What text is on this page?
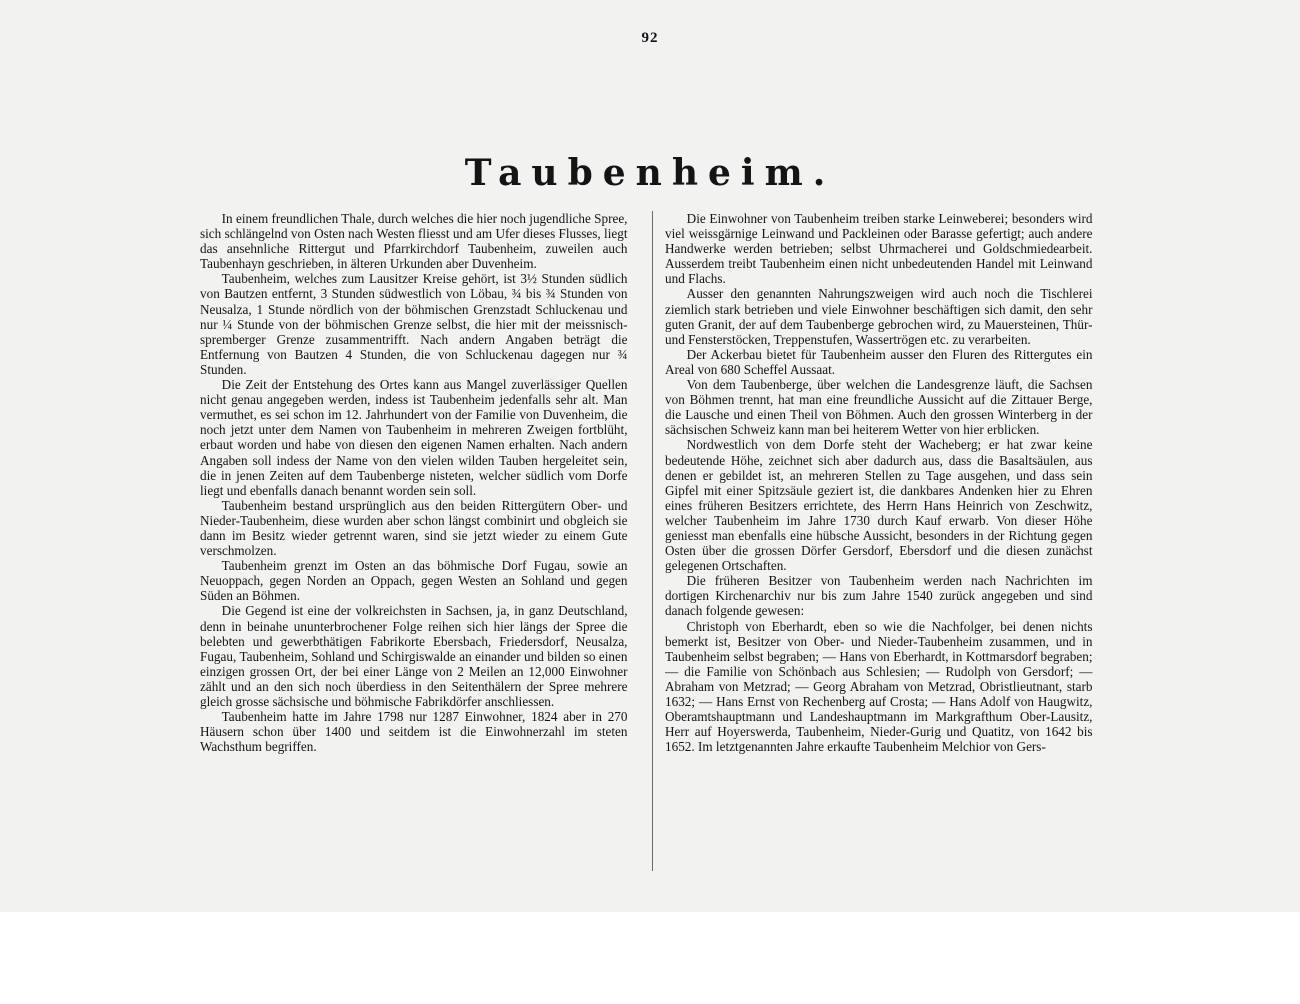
92
Taubenheim.

In einem freundlichen Thale, durch welches die hier noch jugendliche Spree, sich schlängelnd von Osten nach Westen fliesst und am Ufer dieses Flusses, liegt das ansehnliche Rittergut und Pfarrkirchdorf Taubenheim, zuweilen auch Taubenhayn geschrieben, in älteren Urkunden aber Duvenheim.

Taubenheim, welches zum Lausitzer Kreise gehört, ist 3½ Stunden südlich von Bautzen entfernt, 3 Stunden südwestlich von Löbau, ¾ bis ¾ Stunden von Neusalza, 1 Stunde nördlich von der böhmischen Grenzstadt Schluckenau und nur ¼ Stunde von der böhmischen Grenze selbst, die hier mit der meissnisch-spremberger Grenze zusammentrifft. Nach andern Angaben beträgt die Entfernung von Bautzen 4 Stunden, die von Schluckenau dagegen nur ¾ Stunden.

Die Zeit der Entstehung des Ortes kann aus Mangel zuverlässiger Quellen nicht genau angegeben werden, indess ist Taubenheim jedenfalls sehr alt. Man vermuthet, es sei schon im 12. Jahrhundert von der Familie von Duvenheim, die noch jetzt unter dem Namen von Taubenheim in mehreren Zweigen fortblüht, erbaut worden und habe von diesen den eigenen Namen erhalten. Nach andern Angaben soll indess der Name von den vielen wilden Tauben hergeleitet sein, die in jenen Zeiten auf dem Taubenberge nisteten, welcher südlich vom Dorfe liegt und ebenfalls danach benannt worden sein soll.

Taubenheim bestand ursprünglich aus den beiden Rittergütern Ober- und Nieder-Taubenheim, diese wurden aber schon längst combinirt und obgleich sie dann im Besitz wieder getrennt waren, sind sie jetzt wieder zu einem Gute verschmolzen.

Taubenheim grenzt im Osten an das böhmische Dorf Fugau, sowie an Neuoppach, gegen Norden an Oppach, gegen Westen an Sohland und gegen Süden an Böhmen.

Die Gegend ist eine der volkreichsten in Sachsen, ja, in ganz Deutschland, denn in beinahe ununterbrochener Folge reihen sich hier längs der Spree die belebten und gewerbthätigen Fabrikorte Ebersbach, Friedersdorf, Neusalza, Fugau, Taubenheim, Sohland und Schirgiswalde an einander und bilden so einen einzigen grossen Ort, der bei einer Länge von 2 Meilen an 12,000 Einwohner zählt und an den sich noch überdiess in den Seitenthälern der Spree mehrere gleich grosse sächsische und böhmische Fabrikdörfer anschliessen.

Taubenheim hatte im Jahre 1798 nur 1287 Einwohner, 1824 aber in 270 Häusern schon über 1400 und seitdem ist die Einwohnerzahl im steten Wachsthum begriffen.

Die Einwohner von Taubenheim treiben starke Leinweberei; besonders wird viel weissgärnige Leinwand und Packleinen oder Barasse gefertigt; auch andere Handwerke werden betrieben; selbst Uhrmacherei und Goldschmiedearbeit. Ausserdem treibt Taubenheim einen nicht unbedeutenden Handel mit Leinwand und Flachs.

Ausser den genannten Nahrungszweigen wird auch noch die Tischlerei ziemlich stark betrieben und viele Einwohner beschäftigen sich damit, den sehr guten Granit, der auf dem Taubenberge gebrochen wird, zu Mauersteinen, Thür- und Fensterstöcken, Treppenstufen, Wassertrögen etc. zu verarbeiten.

Der Ackerbau bietet für Taubenheim ausser den Fluren des Rittergutes ein Areal von 680 Scheffel Aussaat.

Von dem Taubenberge, über welchen die Landesgrenze läuft, die Sachsen von Böhmen trennt, hat man eine freundliche Aussicht auf die Zittauer Berge, die Lausche und einen Theil von Böhmen. Auch den grossen Winterberg in der sächsischen Schweiz kann man bei heiterem Wetter von hier erblicken.

Nordwestlich von dem Dorfe steht der Wacheberg; er hat zwar keine bedeutende Höhe, zeichnet sich aber dadurch aus, dass die Basaltsäulen, aus denen er gebildet ist, an mehreren Stellen zu Tage ausgehen, und dass sein Gipfel mit einer Spitzsäule geziert ist, die dankbares Andenken hier zu Ehren eines früheren Besitzers errichtete, des Herrn Hans Heinrich von Zeschwitz, welcher Taubenheim im Jahre 1730 durch Kauf erwarb. Von dieser Höhe geniesst man ebenfalls eine hübsche Aussicht, besonders in der Richtung gegen Osten über die grossen Dörfer Gersdorf, Ebersdorf und die diesen zunächst gelegenen Ortschaften.

Die früheren Besitzer von Taubenheim werden nach Nachrichten im dortigen Kirchenarchiv nur bis zum Jahre 1540 zurück angegeben und sind danach folgende gewesen:

Christoph von Eberhardt, eben so wie die Nachfolger, bei denen nichts bemerkt ist, Besitzer von Ober- und Nieder-Taubenheim zusammen, und in Taubenheim selbst begraben; — Hans von Eberhardt, in Kottmarsdorf begraben; — die Familie von Schönbach aus Schlesien; — Rudolph von Gersdorf; — Abraham von Metzrad; — Georg Abraham von Metzrad, Obristlieutnant, starb 1632; — Hans Ernst von Rechenberg auf Crosta; — Hans Adolf von Haugwitz, Oberamtshauptmann und Landeshauptmann im Markgrafthum Ober-Lausitz, Herr auf Hoyerswerda, Taubenheim, Nieder-Gurig und Quatitz, von 1642 bis 1652. Im letztgenannten Jahre erkaufte Taubenheim Melchior von Gers-
